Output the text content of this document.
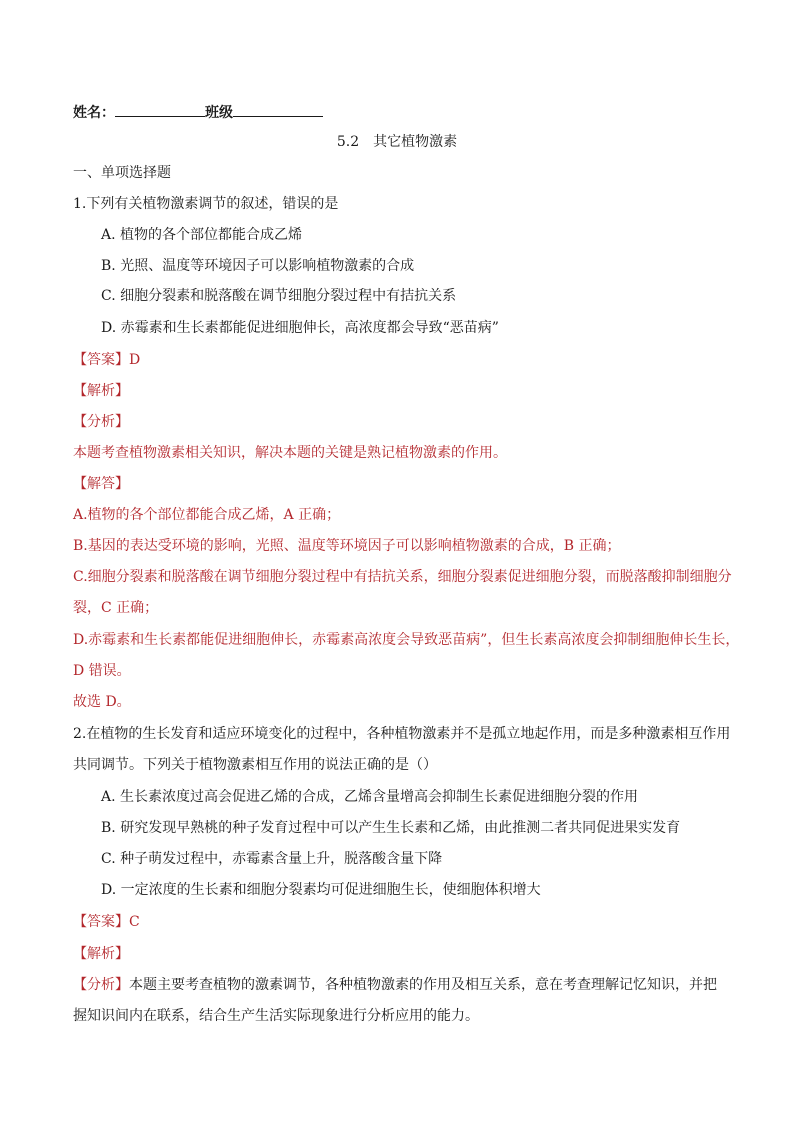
姓名：	班级
5.2　其它植物激素
一、单项选择题
1.下列有关植物激素调节的叙述，错误的是
A. 植物的各个部位都能合成乙烯
B. 光照、温度等环境因子可以影响植物激素的合成
C. 细胞分裂素和脱落酸在调节细胞分裂过程中有拮抗关系
D. 赤霉素和生长素都能促进细胞伸长，高浓度都会导致“恶苗病”
【答案】D
【解析】
【分析】
本题考查植物激素相关知识，解决本题的关键是熟记植物激素的作用。
【解答】
A.植物的各个部位都能合成乙烯，A 正确；
B.基因的表达受环境的影响，光照、温度等环境因子可以影响植物激素的合成，B 正确；
C.细胞分裂素和脱落酸在调节细胞分裂过程中有拮抗关系，细胞分裂素促进细胞分裂，而脱落酸抑制细胞分
裂，C 正确；
D.赤霉素和生长素都能促进细胞伸长，赤霉素高浓度会导致恶苗病”，但生长素高浓度会抑制细胞伸长生长，
D 错误。
故选 D。
2.在植物的生长发育和适应环境变化的过程中，各种植物激素并不是孤立地起作用，而是多种激素相互作用
共同调节。下列关于植物激素相互作用的说法正确的是（）
A. 生长素浓度过高会促进乙烯的合成，乙烯含量增高会抑制生长素促进细胞分裂的作用
B. 研究发现早熟桃的种子发育过程中可以产生生长素和乙烯，由此推测二者共同促进果实发育
C. 种子萌发过程中，赤霉素含量上升，脱落酸含量下降
D. 一定浓度的生长素和细胞分裂素均可促进细胞生长，使细胞体积增大
【答案】C
【解析】
【分析】本题主要考查植物的激素调节，各种植物激素的作用及相互关系，意在考查理解记忆知识，并把
握知识间内在联系，结合生产生活实际现象进行分析应用的能力。
